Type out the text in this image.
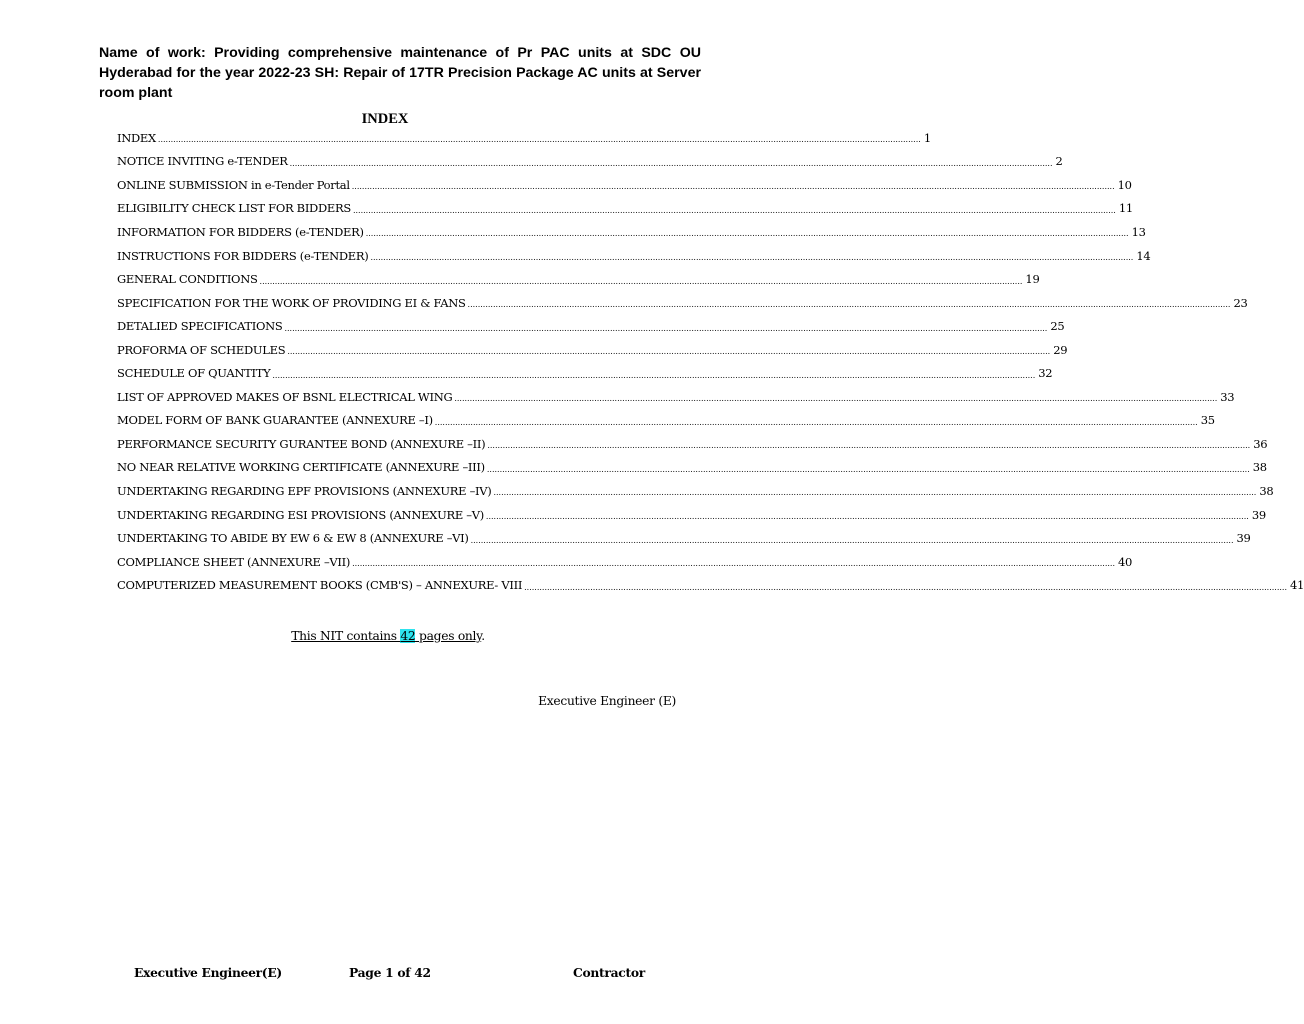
Name of work: Providing comprehensive maintenance of Pr PAC units at SDC OU Hyderabad for the year 2022-23 SH: Repair of 17TR Precision Package AC units at Server room plant

INDEX

INDEX ............................................................................................................................................................................................................................................................................................................ 1
NOTICE INVITING e-TENDER ............................................................................................................................................................................................................................................................................................................ 2
ONLINE SUBMISSION in e-Tender Portal ............................................................................................................................................................................................................................................................................................................ 10
ELIGIBILITY CHECK LIST FOR BIDDERS ............................................................................................................................................................................................................................................................................................................ 11
INFORMATION FOR BIDDERS (e-TENDER) ............................................................................................................................................................................................................................................................................................................ 13
INSTRUCTIONS FOR BIDDERS (e-TENDER) ............................................................................................................................................................................................................................................................................................................ 14
GENERAL CONDITIONS ............................................................................................................................................................................................................................................................................................................ 19
SPECIFICATION FOR THE WORK OF PROVIDING EI & FANS ............................................................................................................................................................................................................................................................................................................ 23
DETALIED SPECIFICATIONS ............................................................................................................................................................................................................................................................................................................ 25
PROFORMA OF SCHEDULES ............................................................................................................................................................................................................................................................................................................ 29
SCHEDULE OF QUANTITY ............................................................................................................................................................................................................................................................................................................ 32
LIST OF APPROVED MAKES OF BSNL ELECTRICAL WING ............................................................................................................................................................................................................................................................................................................ 33
MODEL FORM OF BANK GUARANTEE (ANNEXURE –I) ............................................................................................................................................................................................................................................................................................................ 35
PERFORMANCE SECURITY GURANTEE BOND (ANNEXURE –II) ............................................................................................................................................................................................................................................................................................................ 36
NO NEAR RELATIVE WORKING CERTIFICATE (ANNEXURE –III) ............................................................................................................................................................................................................................................................................................................ 38
UNDERTAKING REGARDING EPF PROVISIONS (ANNEXURE –IV) ............................................................................................................................................................................................................................................................................................................ 38
UNDERTAKING REGARDING ESI PROVISIONS (ANNEXURE –V) ............................................................................................................................................................................................................................................................................................................ 39
UNDERTAKING TO ABIDE BY EW 6 & EW 8 (ANNEXURE –VI) ............................................................................................................................................................................................................................................................................................................ 39
COMPLIANCE SHEET (ANNEXURE –VII) ............................................................................................................................................................................................................................................................................................................ 40
COMPUTERIZED MEASUREMENT BOOKS (CMB'S) – ANNEXURE- VIII ............................................................................................................................................................................................................................................................................................................ 41
This NIT contains 42 pages only.
Executive Engineer (E)
Executive Engineer(E)	Page 1 of 42	Contractor
